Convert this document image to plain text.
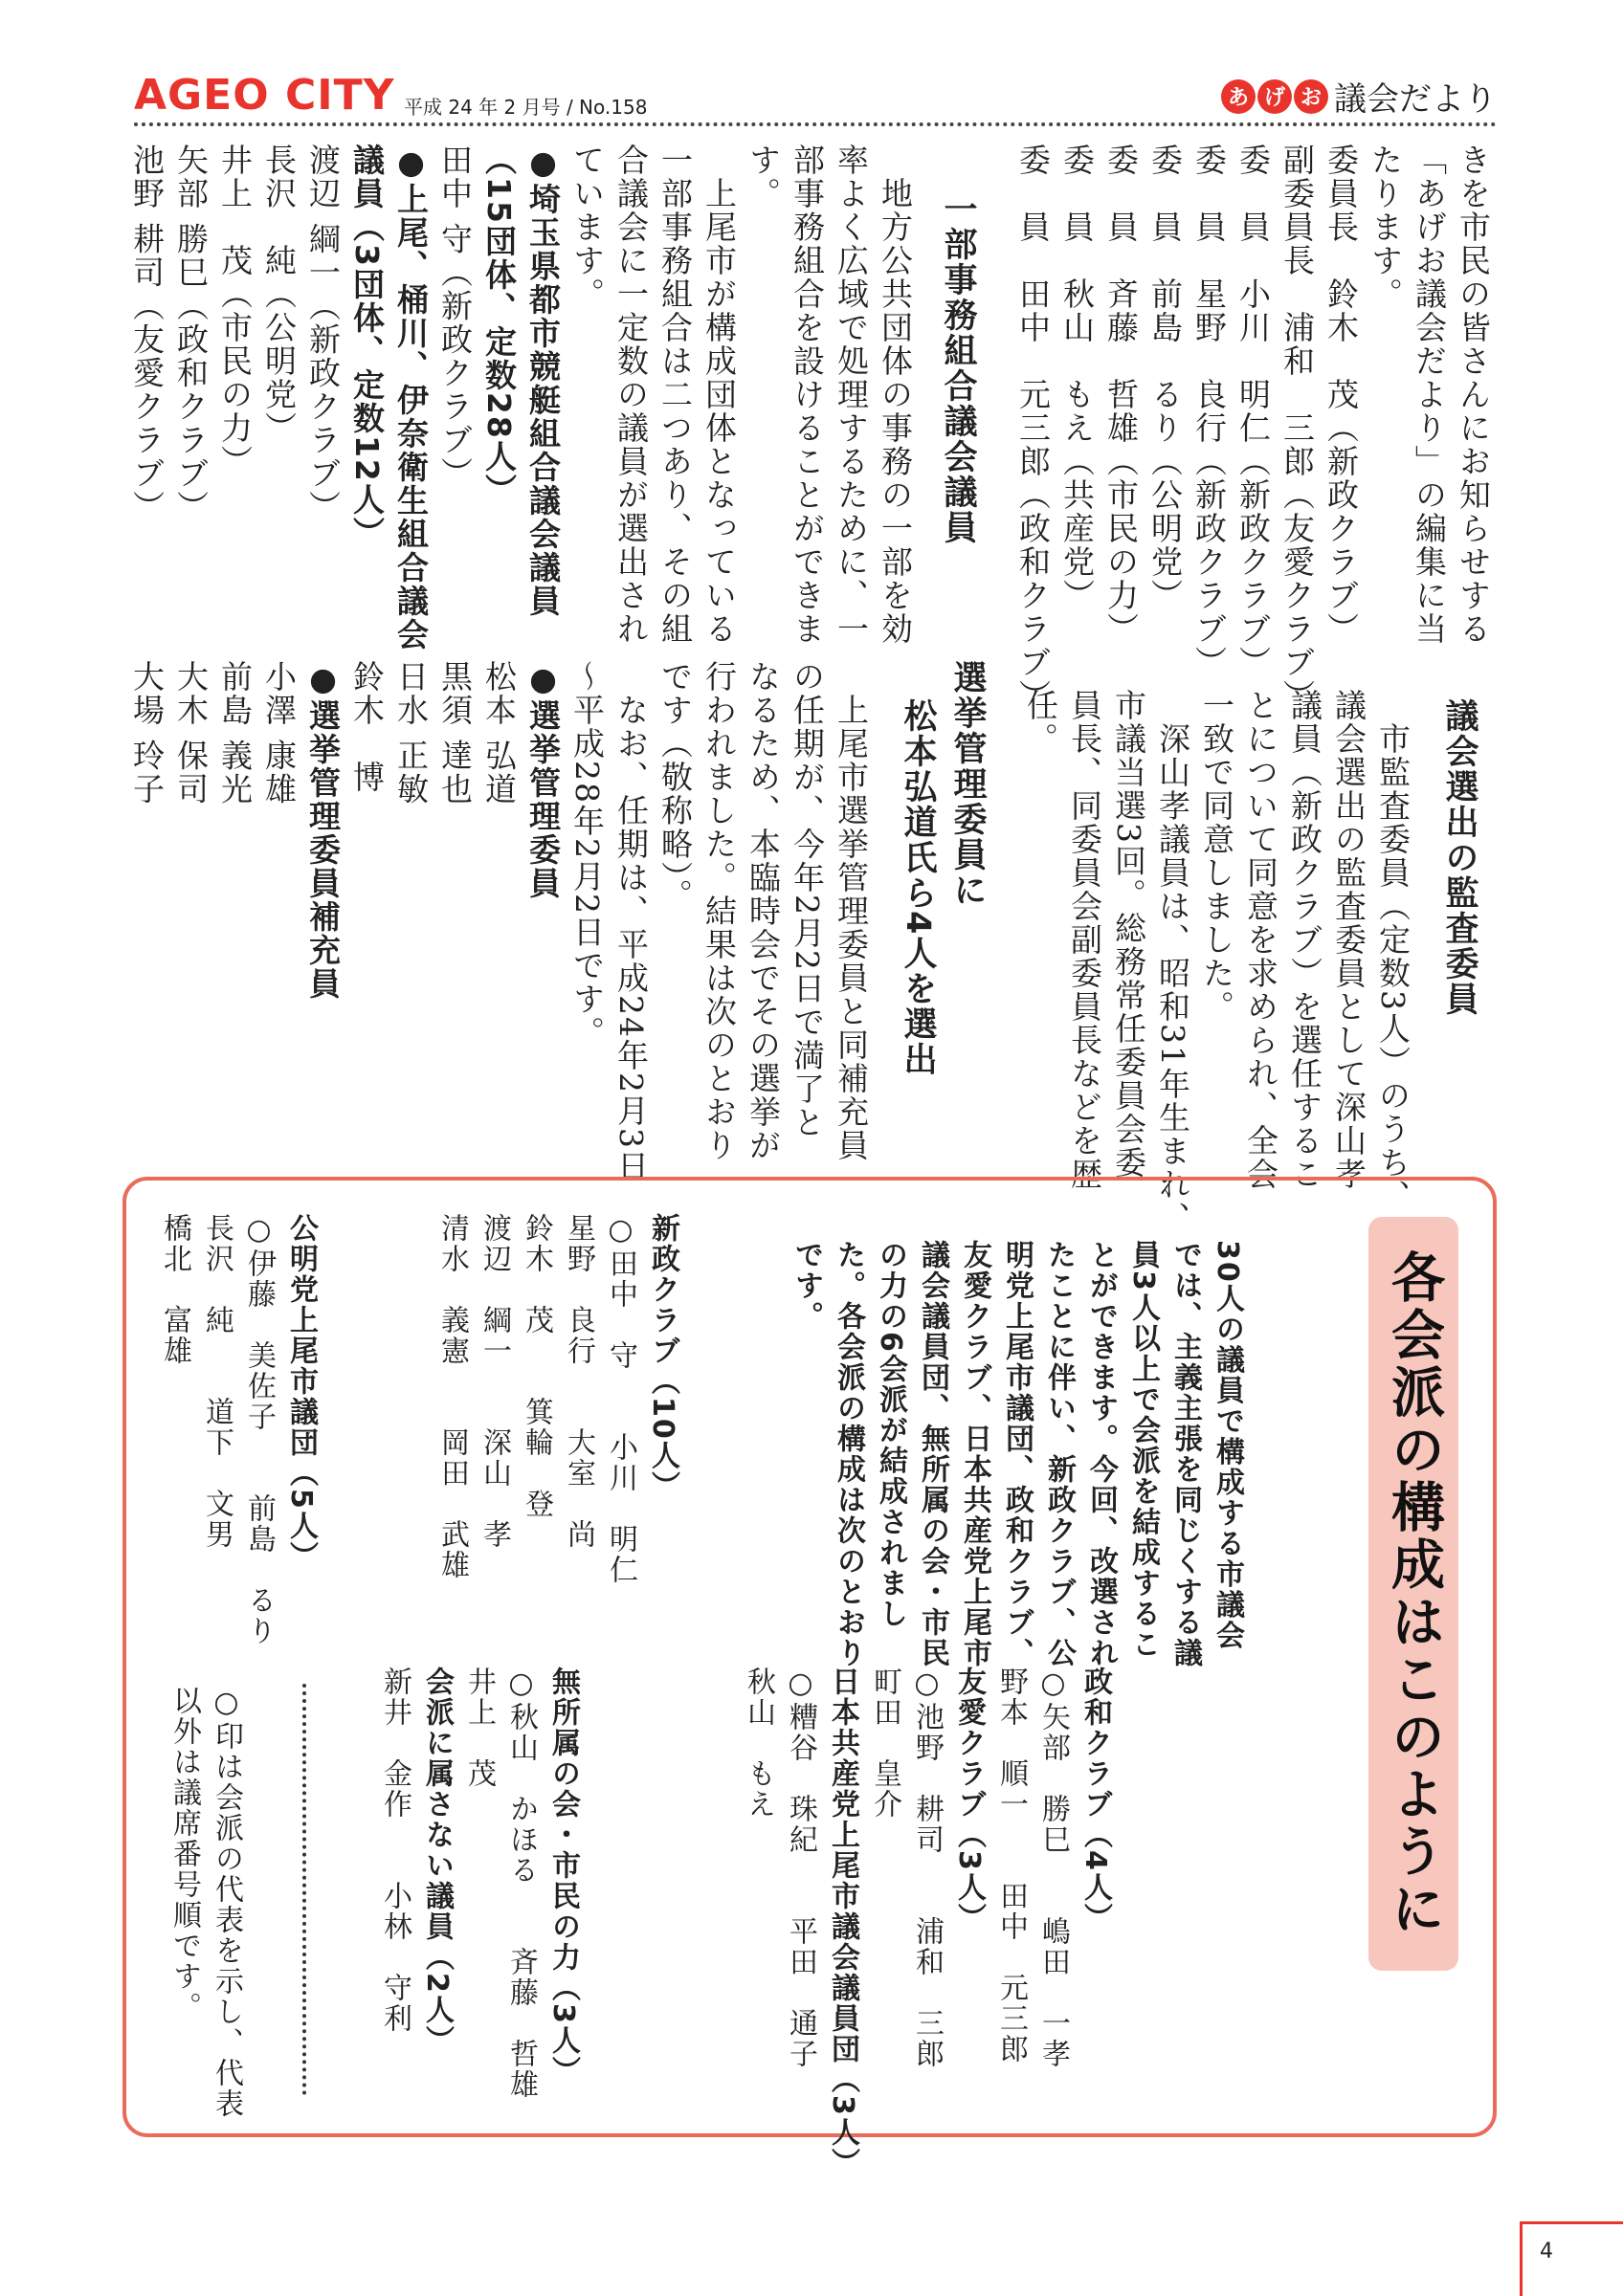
AGEO CITY 平成 24 年 2 月号 / No.158	あ げ お 議会だより

きを市民の皆さんにお知らせする

「あげお議会だより」の編集に当

たります。

委員長　鈴木　茂（新政クラブ）

副委員長　浦和　三郎（友愛クラブ）

委　員　小川　明仁（新政クラブ）

委　員　星野　良行（新政クラブ）

委　員　前島　るり（公明党）

委　員　斉藤　哲雄（市民の力）

委　員　秋山　もえ（共産党）

委　員　田中　元三郎（政和クラブ）

一部事務組合議会議員

　地方公共団体の事務の一部を効

率よく広域で処理するために、一

部事務組合を設けることができま

す。

　上尾市が構成団体となっている

一部事務組合は二つあり、その組

合議会に一定数の議員が選出され

ています。

●埼玉県都市競艇組合議会議員

（15団体、定数28人）

田中 守（新政クラブ）

●上尾、桶川、伊奈衛生組合議会

議員（3団体、定数12人）

渡辺 綱一（新政クラブ）

長沢　純（公明党）

井上　茂（市民の力）

矢部 勝巳（政和クラブ）

池野 耕司（友愛クラブ）

議会選出の監査委員

　市監査委員（定数3人）のうち、

議会選出の監査委員として深山孝

議員（新政クラブ）を選任するこ

とについて同意を求められ、全会

一致で同意しました。

　深山孝議員は、昭和31年生まれ、

市議当選3回。総務常任委員会委

員長、同委員会副委員長などを歴

任。

選挙管理委員に

松本弘道氏ら4人を選出

　上尾市選挙管理委員と同補充員

の任期が、今年2月2日で満了と

なるため、本臨時会でその選挙が

行われました。結果は次のとおり

です（敬称略）。

　なお、任期は、平成24年2月3日

～平成28年2月2日です。

●選挙管理委員

松本 弘道

黒須 達也

日水 正敏

鈴木　博

●選挙管理委員補充員

小澤 康雄

前島 義光

大木 保司

大場 玲子

各会派の構成はこのように

30人の議員で構成する市議会

では、主義主張を同じくする議

員3人以上で会派を結成するこ

とができます。今回、改選され

たことに伴い、新政クラブ、公

明党上尾市議団、政和クラブ、

友愛クラブ、日本共産党上尾市

議会議員団、無所属の会・市民

の力の6会派が結成されまし

た。各会派の構成は次のとおり

です。

新政クラブ（10人）

○田中　守　　小川　明仁

星野　良行　　大室　尚

鈴木　茂　　箕輪　登

渡辺　綱一　　深山　孝

清水　義憲　　岡田　武雄

公明党上尾市議団（5人）

○伊藤　美佐子　　前島　るり

長沢　純　　道下　文男

橋北　富雄

政和クラブ（4人）

○矢部　勝巳　　嶋田　一孝

野本　順一　　田中　元三郎

友愛クラブ（3人）

○池野　耕司　　浦和　三郎

町田　皇介

日本共産党上尾市議会議員団（3人）

○糟谷　珠紀　　平田　通子

秋山　もえ

無所属の会・市民の力（3人）

○秋山　かほる　　斉藤　哲雄

井上　茂

会派に属さない議員（2人）

新井　金作　　小林　守利

○印は会派の代表を示し、代表

以外は議席番号順です。

4
